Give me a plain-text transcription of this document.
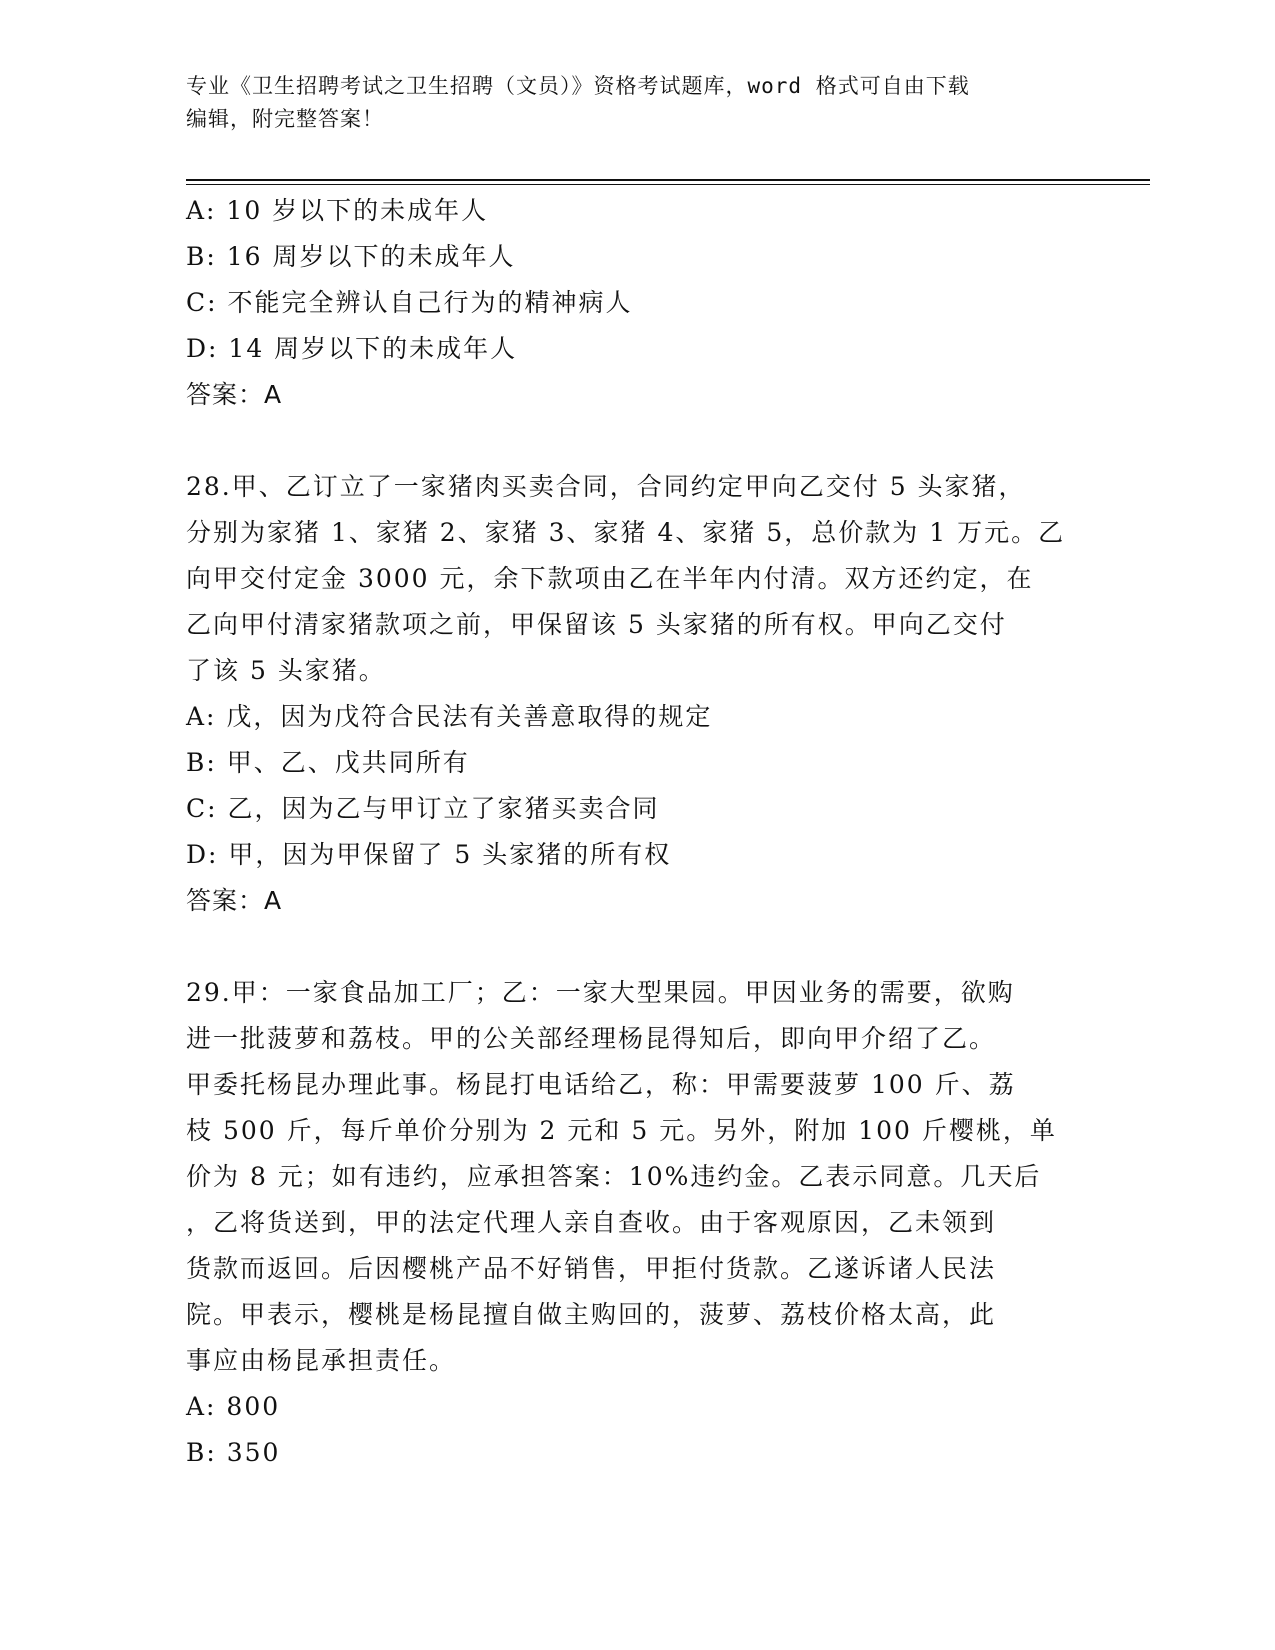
专业《卫生招聘考试之卫生招聘（文员）》资格考试题库，word 格式可自由下载
编辑，附完整答案！
A: 10 岁以下的未成年人
B: 16 周岁以下的未成年人
C: 不能完全辨认自己行为的精神病人
D: 14 周岁以下的未成年人
答案：A
28.甲、乙订立了一家猪肉买卖合同，合同约定甲向乙交付 5 头家猪，
分别为家猪 1、家猪 2、家猪 3、家猪 4、家猪 5，总价款为 1 万元。乙
向甲交付定金 3000 元，余下款项由乙在半年内付清。双方还约定，在
乙向甲付清家猪款项之前，甲保留该 5 头家猪的所有权。甲向乙交付
了该 5 头家猪。
A: 戊，因为戊符合民法有关善意取得的规定
B: 甲、乙、戊共同所有
C: 乙，因为乙与甲订立了家猪买卖合同
D: 甲，因为甲保留了 5 头家猪的所有权
答案：A
29.甲：一家食品加工厂；乙：一家大型果园。甲因业务的需要，欲购
进一批菠萝和荔枝。甲的公关部经理杨昆得知后，即向甲介绍了乙。
甲委托杨昆办理此事。杨昆打电话给乙，称：甲需要菠萝 100 斤、荔
枝 500 斤，每斤单价分别为 2 元和 5 元。另外，附加 100 斤樱桃，单
价为 8 元；如有违约，应承担答案：10%违约金。乙表示同意。几天后
，乙将货送到，甲的法定代理人亲自查收。由于客观原因，乙未领到
货款而返回。后因樱桃产品不好销售，甲拒付货款。乙遂诉诸人民法
院。甲表示，樱桃是杨昆擅自做主购回的，菠萝、荔枝价格太高，此
事应由杨昆承担责任。
A: 800
B: 350
